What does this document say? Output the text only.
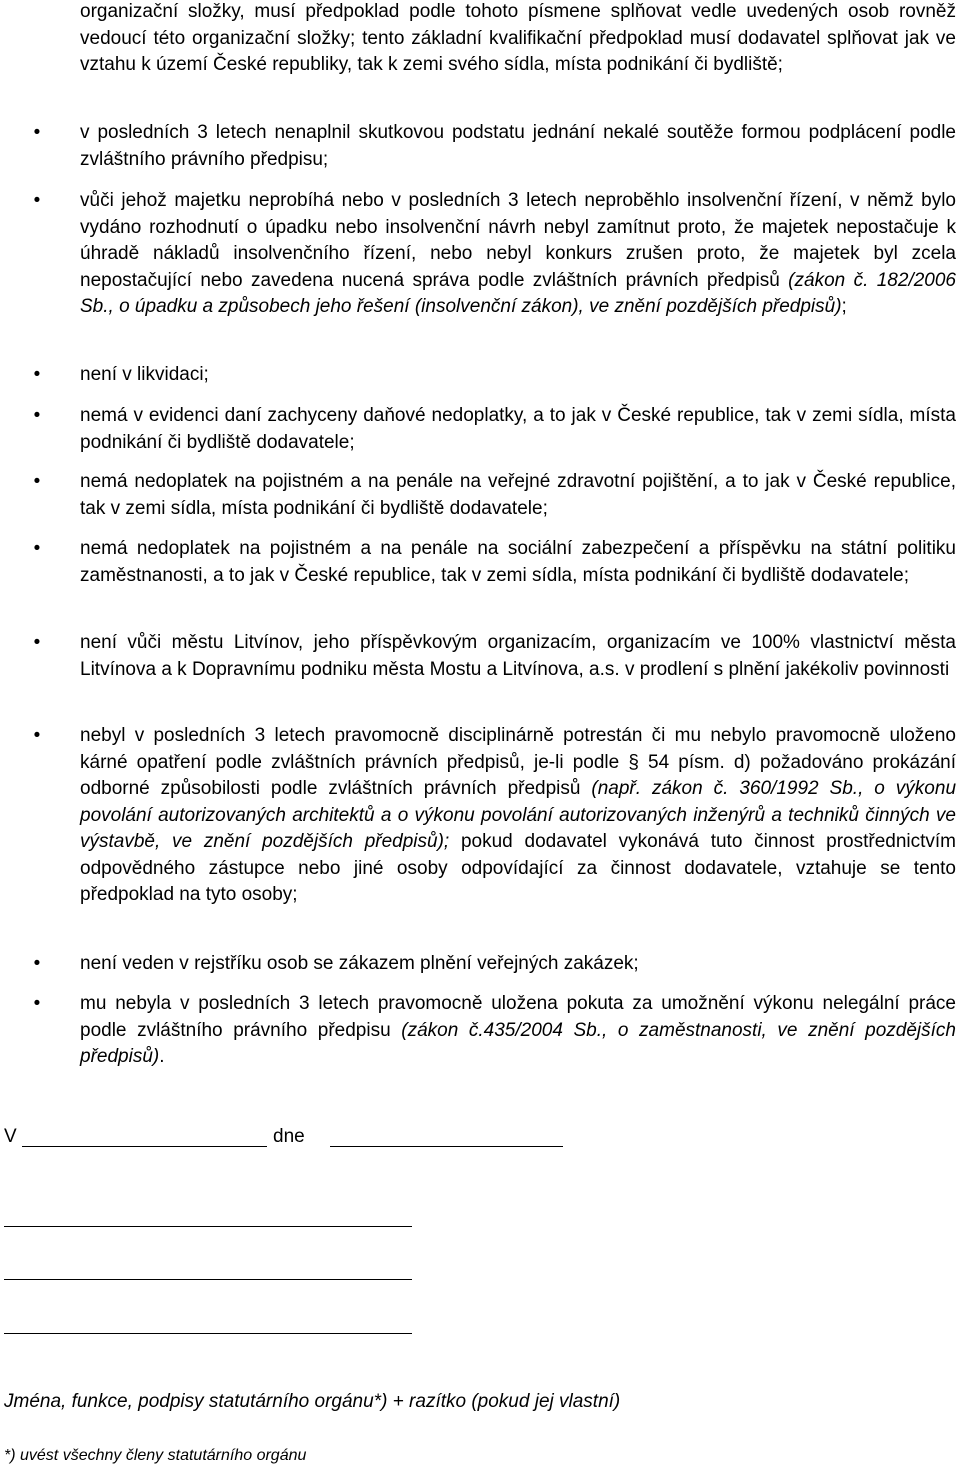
organizační složky, musí předpoklad podle tohoto písmene splňovat vedle uvedených osob rovněž vedoucí této organizační složky; tento základní kvalifikační předpoklad musí dodavatel splňovat jak ve vztahu k území České republiky, tak k zemi svého sídla, místa podnikání či bydliště;

•	v posledních 3 letech nenaplnil skutkovou podstatu jednání nekalé soutěže formou podplácení podle zvláštního právního předpisu;
•	vůči jehož majetku neprobíhá nebo v posledních 3 letech neproběhlo insolvenční řízení, v němž bylo vydáno rozhodnutí o úpadku nebo insolvenční návrh nebyl zamítnut proto, že majetek nepostačuje k úhradě nákladů insolvenčního řízení, nebo nebyl konkurs zrušen proto, že majetek byl zcela nepostačující nebo zavedena nucená správa podle zvláštních právních předpisů (zákon č. 182/2006 Sb., o úpadku a způsobech jeho řešení (insolvenční zákon), ve znění pozdějších předpisů);
•	není v likvidaci;
•	nemá v evidenci daní zachyceny daňové nedoplatky, a to jak v České republice, tak v zemi sídla, místa podnikání či bydliště dodavatele;
•	nemá nedoplatek na pojistném a na penále na veřejné zdravotní pojištění, a to jak v České republice, tak v zemi sídla, místa podnikání či bydliště dodavatele;
•	nemá nedoplatek na pojistném a na penále na sociální zabezpečení a příspěvku na státní politiku zaměstnanosti, a to jak v České republice, tak v zemi sídla, místa podnikání či bydliště dodavatele;
•	není vůči městu Litvínov, jeho příspěvkovým organizacím, organizacím ve 100% vlastnictví města Litvínova a k Dopravnímu podniku města Mostu a Litvínova, a.s. v prodlení s plnění jakékoliv povinnosti
•	nebyl v posledních 3 letech pravomocně disciplinárně potrestán či mu nebylo pravomocně uloženo kárné opatření podle zvláštních právních předpisů, je-li podle § 54 písm. d) požadováno prokázání odborné způsobilosti podle zvláštních právních předpisů (např. zákon č. 360/1992 Sb., o výkonu povolání autorizovaných architektů a o výkonu povolání autorizovaných inženýrů a techniků činných ve výstavbě, ve znění pozdějších předpisů); pokud dodavatel vykonává tuto činnost prostřednictvím odpovědného zástupce nebo jiné osoby odpovídající za činnost dodavatele, vztahuje se tento předpoklad na tyto osoby;
•	není veden v rejstříku osob se zákazem plnění veřejných zakázek;
•	mu nebyla v posledních 3 letech pravomocně uložena pokuta za umožnění výkonu nelegální práce podle zvláštního právního předpisu (zákon č.435/2004 Sb., o zaměstnanosti, ve znění pozdějších předpisů).
V	dne

Jména, funkce, podpisy statutárního orgánu*) + razítko (pokud jej vlastní)

*) uvést všechny členy statutárního orgánu
